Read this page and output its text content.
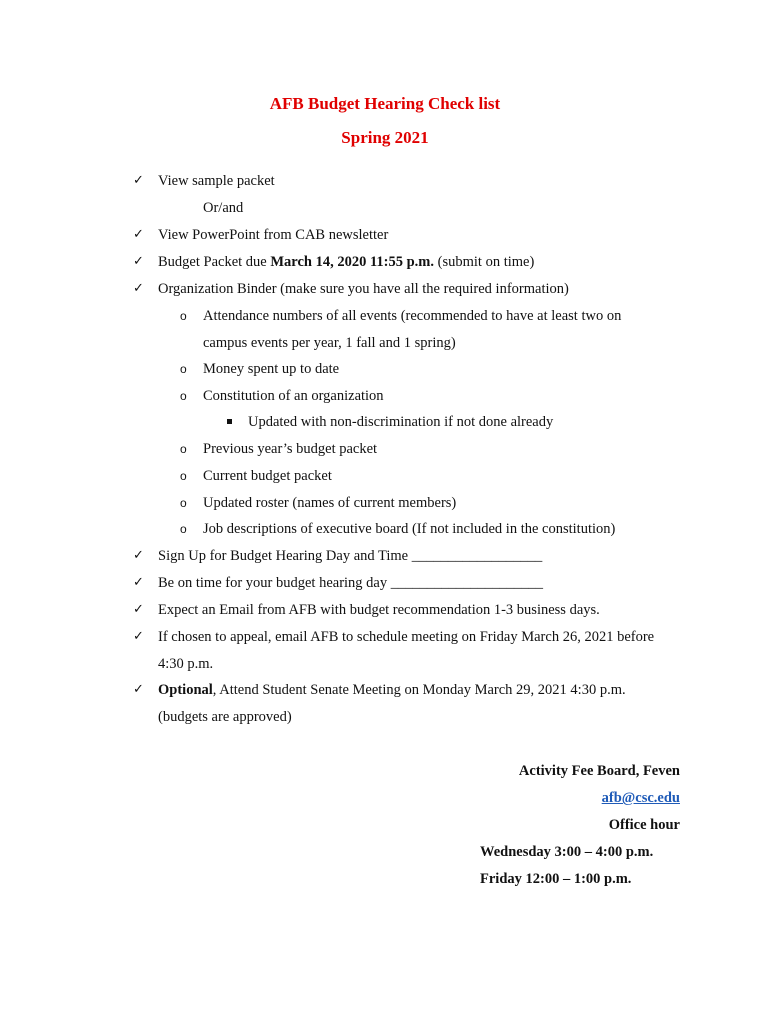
AFB Budget Hearing Check list
Spring 2021
✓ View sample packet
Or/and
✓ View PowerPoint from CAB newsletter
✓ Budget Packet due March 14, 2020 11:55 p.m. (submit on time)
✓ Organization Binder (make sure you have all the required information)
o Attendance numbers of all events (recommended to have at least two on
campus events per year, 1 fall and 1 spring)
o Money spent up to date
o Constitution of an organization
Updated with non-discrimination if not done already
o Previous year’s budget packet
o Current budget packet
o Updated roster (names of current members)
o Job descriptions of executive board (If not included in the constitution)
✓ Sign Up for Budget Hearing Day and Time __________________
✓ Be on time for your budget hearing day _____________________
✓ Expect an Email from AFB with budget recommendation 1-3 business days.
✓ If chosen to appeal, email AFB to schedule meeting on Friday March 26, 2021 before
4:30 p.m.
✓ Optional, Attend Student Senate Meeting on Monday March 29, 2021 4:30 p.m.
(budgets are approved)
Activity Fee Board, Feven
afb@csc.edu
Office hour
Wednesday 3:00 – 4:00 p.m.
Friday 12:00 – 1:00 p.m.
